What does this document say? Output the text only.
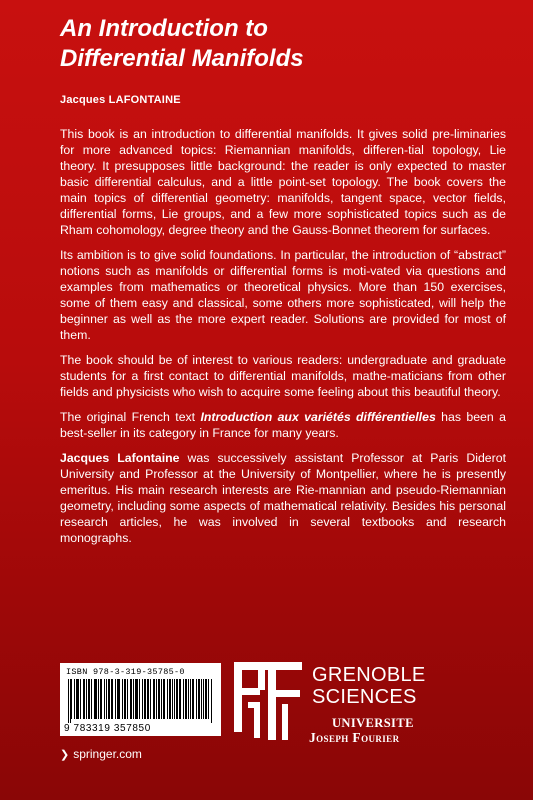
An Introduction to
Differential Manifolds
Jacques LAFONTAINE

This book is an introduction to differential manifolds. It gives solid pre-liminaries for more advanced topics: Riemannian manifolds, differen-tial topology, Lie theory. It presupposes little background: the reader is only expected to master basic differential calculus, and a little point-set topology. The book covers the main topics of differential geometry: manifolds, tangent space, vector fields, differential forms, Lie groups, and a few more sophisticated topics such as de Rham cohomology, degree theory and the Gauss-Bonnet theorem for surfaces.

Its ambition is to give solid foundations. In particular, the introduction of “abstract” notions such as manifolds or differential forms is moti-vated via questions and examples from mathematics or theoretical physics. More than 150 exercises, some of them easy and classical, some others more sophisticated, will help the beginner as well as the more expert reader. Solutions are provided for most of them.

The book should be of interest to various readers: undergraduate and graduate students for a first contact to differential manifolds, mathe-maticians from other fields and physicists who wish to acquire some feeling about this beautiful theory.

The original French text Introduction aux variétés différentielles has been a best-seller in its category in France for many years.

Jacques Lafontaine was successively assistant Professor at Paris Diderot University and Professor at the University of Montpellier, where he is presently emeritus. His main research interests are Rie-mannian and pseudo-Riemannian geometry, including some aspects of mathematical relativity. Besides his personal research articles, he was involved in several textbooks and research monographs.

ISBN 978-3-319-35785-0
9 783319 357850
❯ springer.com
GRENOBLE
SCIENCES
UNIVERSITE
Joseph Fourier
